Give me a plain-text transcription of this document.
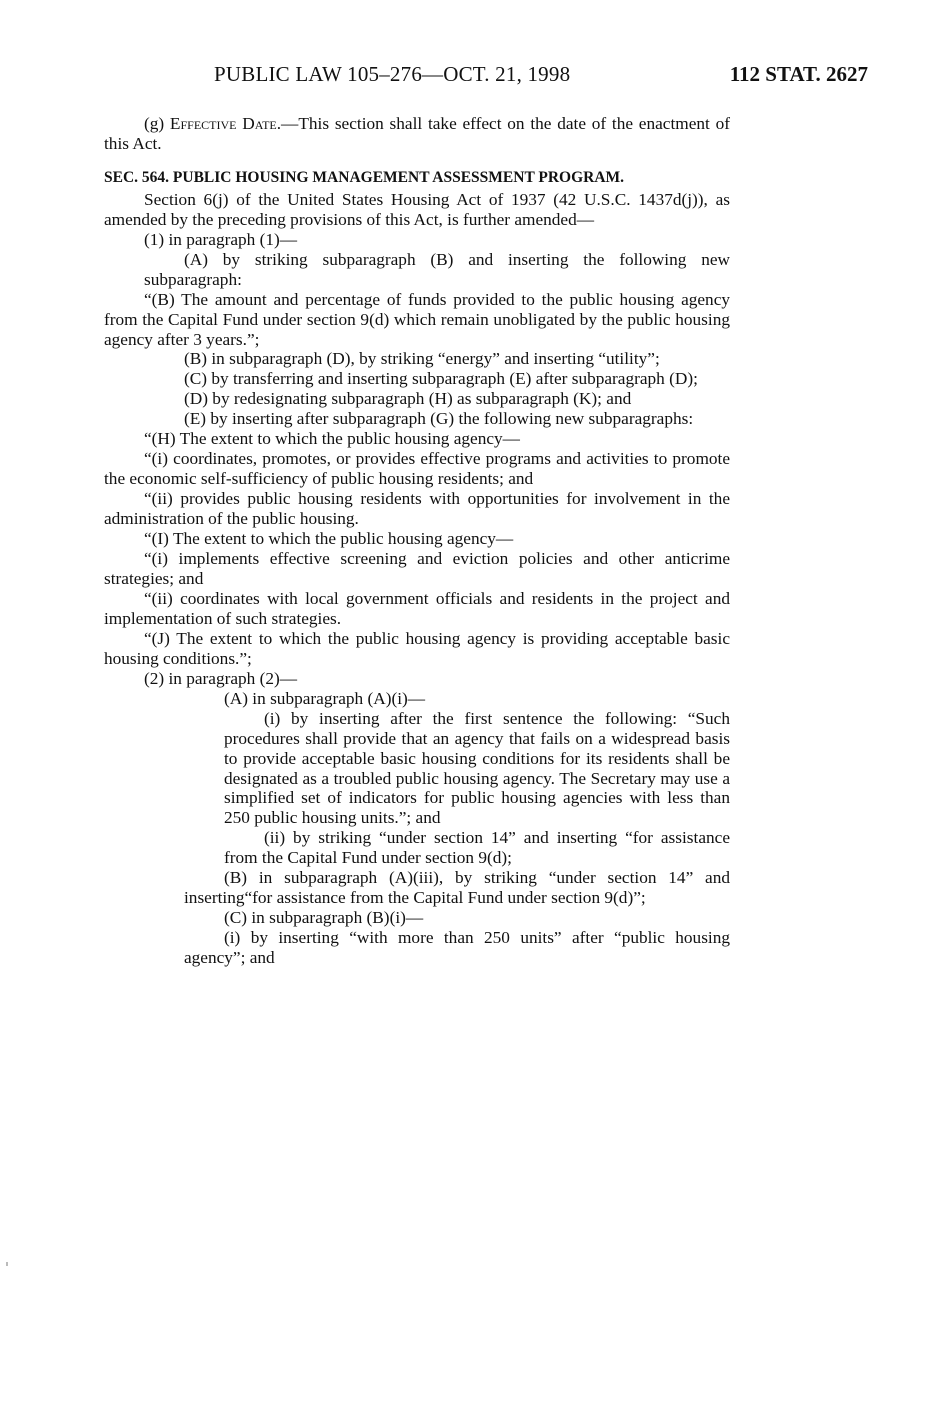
PUBLIC LAW 105–276—OCT. 21, 1998	112 STAT. 2627

(g) Effective Date.—This section shall take effect on the date of the enactment of this Act.

SEC. 564. PUBLIC HOUSING MANAGEMENT ASSESSMENT PROGRAM.

Section 6(j) of the United States Housing Act of 1937 (42 U.S.C. 1437d(j)), as amended by the preceding provisions of this Act, is further amended—

(1) in paragraph (1)—

(A) by striking subparagraph (B) and inserting the following new subparagraph:

“(B) The amount and percentage of funds provided to the public housing agency from the Capital Fund under section 9(d) which remain unobligated by the public housing agency after 3 years.”;

(B) in subparagraph (D), by striking “energy” and inserting “utility”;

(C) by transferring and inserting subparagraph (E) after subparagraph (D);

(D) by redesignating subparagraph (H) as subparagraph (K); and

(E) by inserting after subparagraph (G) the following new subparagraphs:

“(H) The extent to which the public housing agency—

“(i) coordinates, promotes, or provides effective programs and activities to promote the economic self-sufficiency of public housing residents; and

“(ii) provides public housing residents with opportunities for involvement in the administration of the public housing.

“(I) The extent to which the public housing agency—

“(i) implements effective screening and eviction policies and other anticrime strategies; and

“(ii) coordinates with local government officials and residents in the project and implementation of such strategies.

“(J) The extent to which the public housing agency is providing acceptable basic housing conditions.”;

(2) in paragraph (2)—

(A) in subparagraph (A)(i)—

(i) by inserting after the first sentence the following: “Such procedures shall provide that an agency that fails on a widespread basis to provide acceptable basic housing conditions for its residents shall be designated as a troubled public housing agency. The Secretary may use a simplified set of indicators for public housing agencies with less than 250 public housing units.”; and

(ii) by striking “under section 14” and inserting “for assistance from the Capital Fund under section 9(d);

(B) in subparagraph (A)(iii), by striking “under section 14” and inserting“for assistance from the Capital Fund under section 9(d)”;

(C) in subparagraph (B)(i)—

(i) by inserting “with more than 250 units” after “public housing agency”; and
